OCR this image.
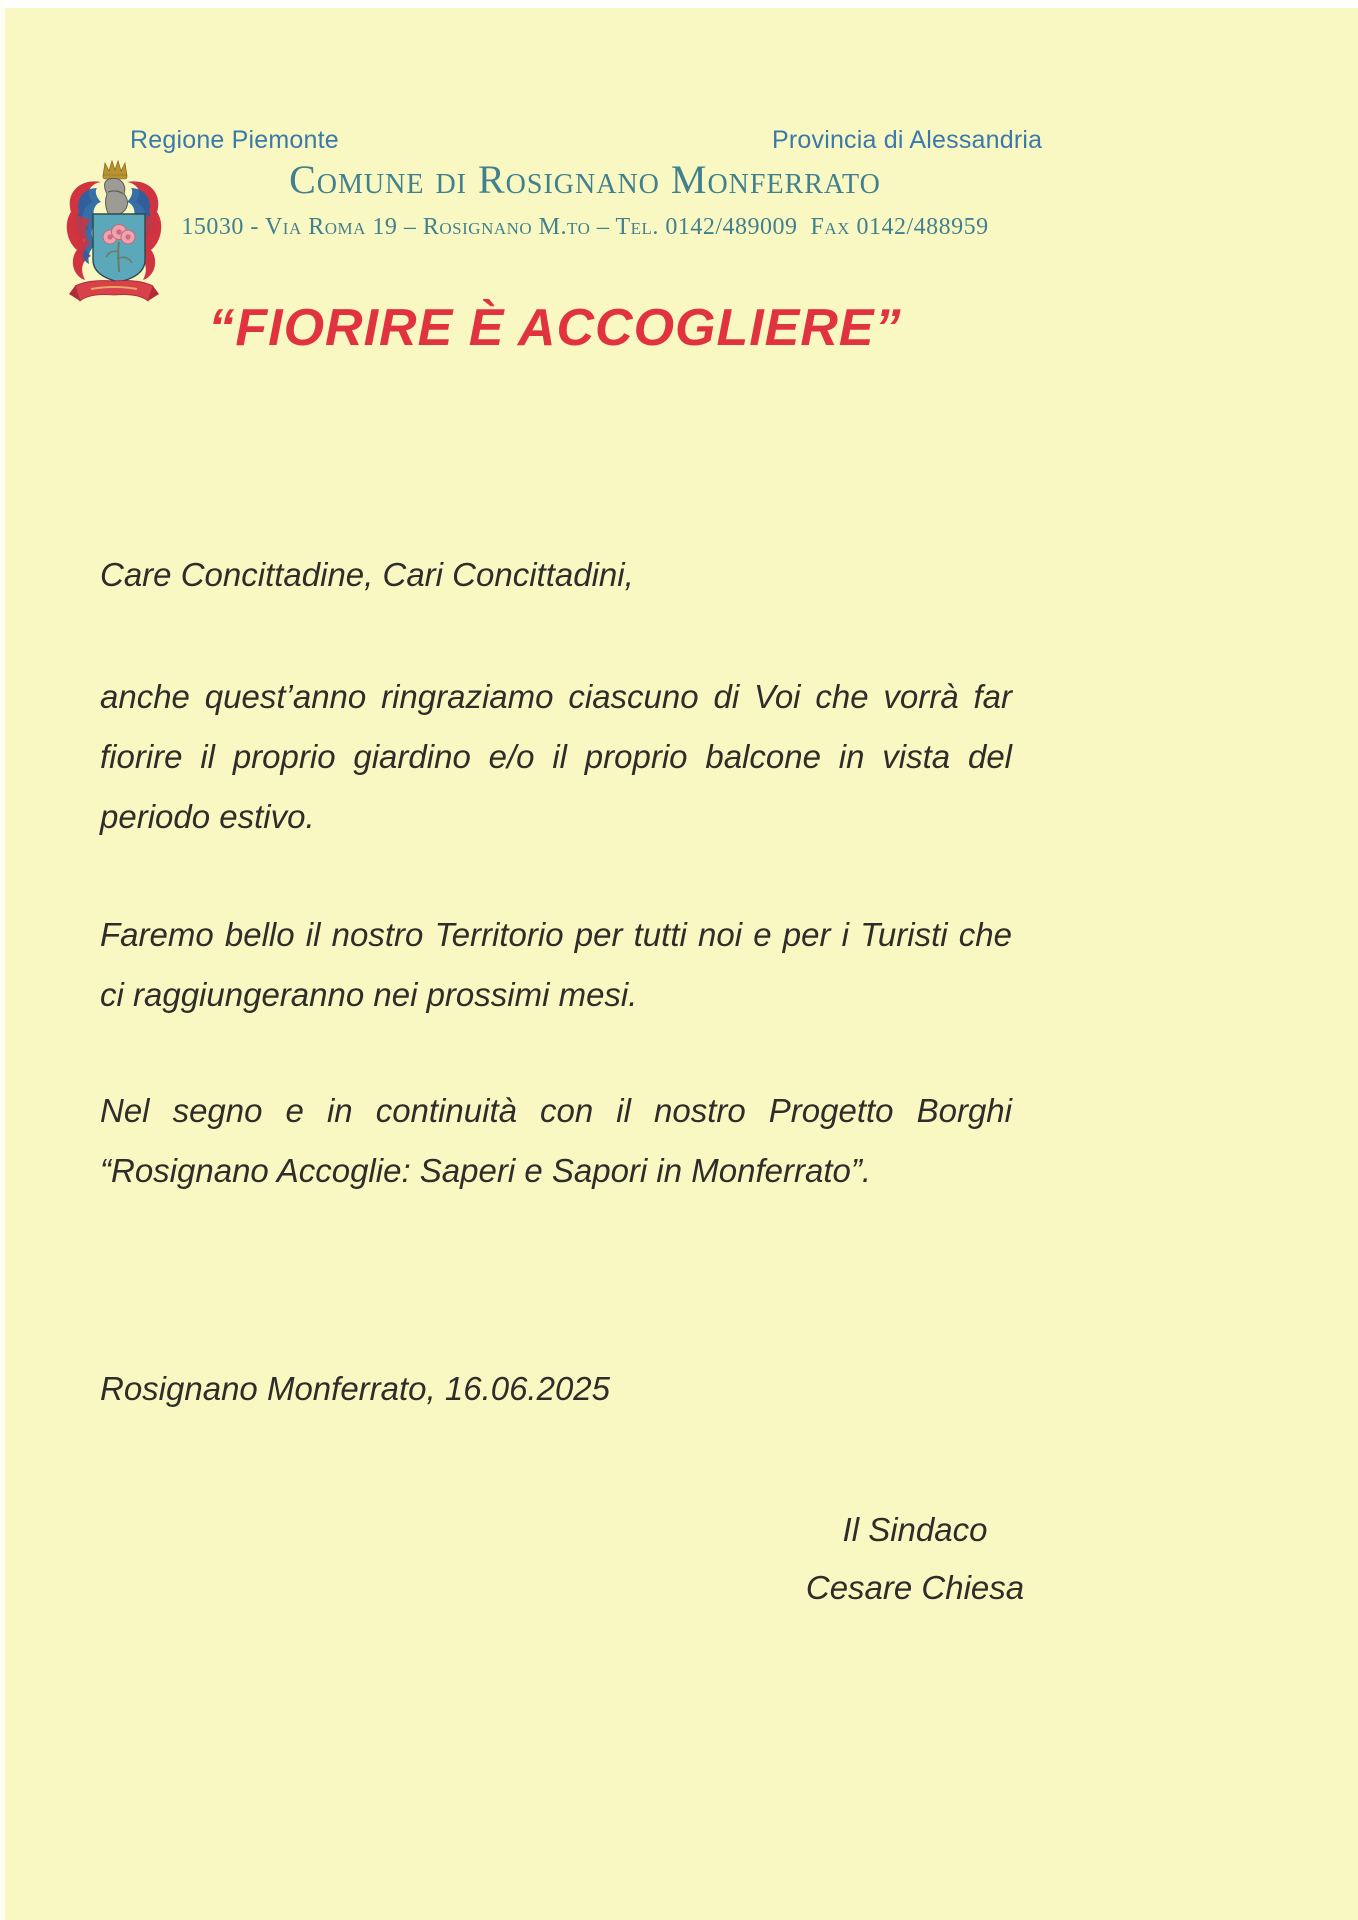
Regione Piemonte	Provincia di Alessandria
Comune di Rosignano Monferrato
15030 - Via Roma 19 – Rosignano M.to – Tel. 0142/489009  Fax 0142/488959
“FIORIRE È ACCOGLIERE”

Care Concittadine, Cari Concittadini,

anche quest’anno ringraziamo ciascuno di Voi che vorrà far fiorire il proprio giardino e/o il proprio balcone in vista del periodo estivo.

Faremo bello il nostro Territorio per tutti noi e per i Turisti che ci raggiungeranno nei prossimi mesi.

Nel segno e in continuità con il nostro Progetto Borghi “Rosignano Accoglie: Saperi e Sapori in Monferrato”.

Rosignano Monferrato, 16.06.2025

Il Sindaco
Cesare Chiesa
